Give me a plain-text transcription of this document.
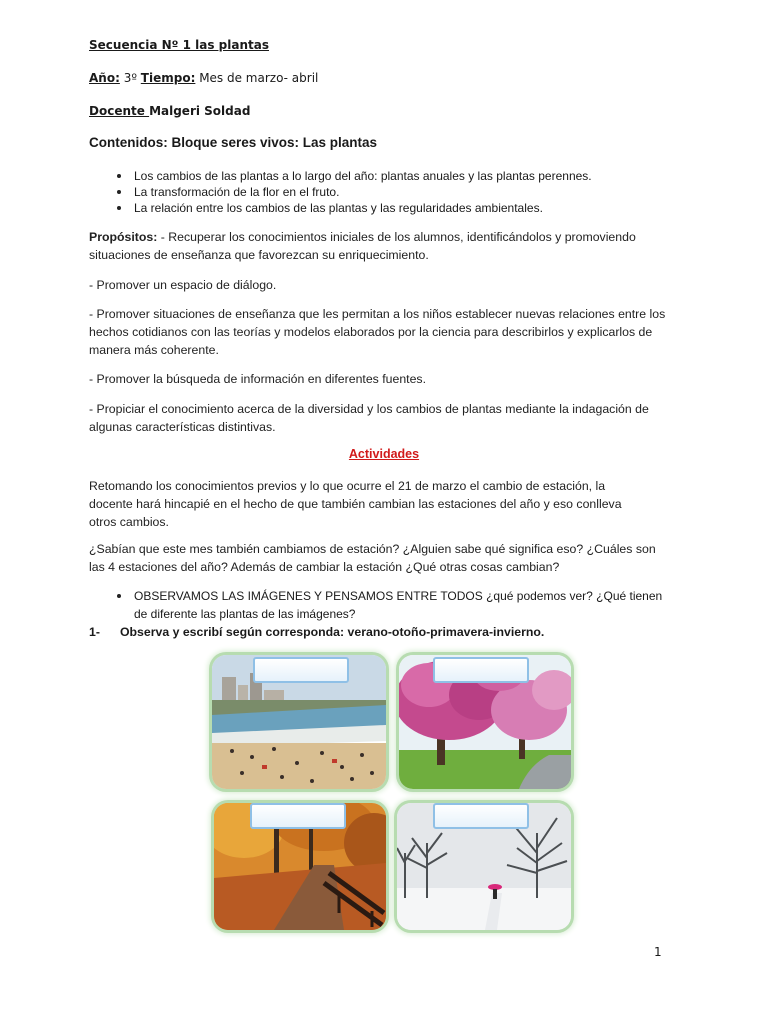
Secuencia Nº 1 las plantas
Año: 3º Tiempo: Mes de marzo- abril
Docente Malgeri Soldad
Contenidos: Bloque seres vivos: Las plantas
Los cambios de las plantas a lo largo del año: plantas anuales y las plantas perennes.
La transformación de la flor en el fruto.
La relación entre los cambios de las plantas y las regularidades ambientales.
Propósitos: - Recuperar los conocimientos iniciales de los alumnos, identificándolos y promoviendo situaciones de enseñanza que favorezcan su enriquecimiento.
- Promover un espacio de diálogo.
- Promover situaciones de enseñanza que les permitan a los niños establecer nuevas relaciones entre los hechos cotidianos con las teorías y modelos elaborados por la ciencia para describirlos y explicarlos de manera más coherente.
- Promover la búsqueda de información en diferentes fuentes.
- Propiciar el conocimiento acerca de la diversidad y los cambios de plantas mediante la indagación de algunas características distintivas.
Actividades
Retomando los conocimientos previos y lo que ocurre el 21 de marzo el cambio de estación, la docente hará hincapié en el hecho de que también cambian las estaciones del año y eso conlleva otros cambios.
¿Sabían que este mes también cambiamos de estación? ¿Alguien sabe qué significa eso? ¿Cuáles son las 4 estaciones del año? Además de cambiar la estación ¿Qué otras cosas cambian?
OBSERVAMOS LAS IMÁGENES Y PENSAMOS ENTRE TODOS ¿qué podemos ver? ¿Qué tienen de diferente las plantas de las imágenes?
1- Observa y escribí según corresponda: verano-otoño-primavera-invierno.
1
